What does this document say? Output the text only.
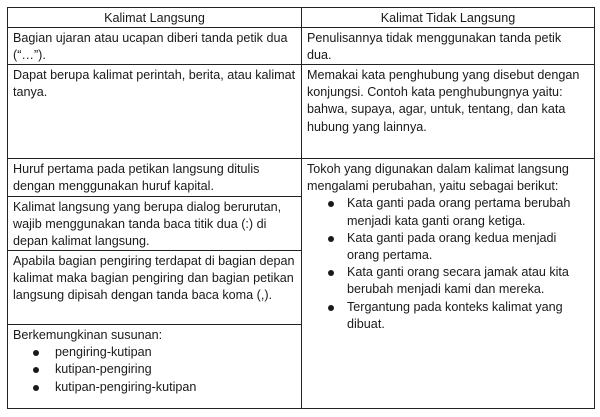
Kalimat Langsung	Kalimat Tidak Langsung

Bagian ujaran atau ucapan diberi tanda petik dua (“…”).

Penulisannya tidak menggunakan tanda petik dua.

Dapat berupa kalimat perintah, berita, atau kalimat tanya.

Memakai kata penghubung yang disebut dengan konjungsi. Contoh kata penghubungnya yaitu: bahwa, supaya, agar, untuk, tentang, dan kata hubung yang lainnya.

Huruf pertama pada petikan langsung ditulis dengan menggunakan huruf kapital.

Kalimat langsung yang berupa dialog berurutan, wajib menggunakan tanda baca titik dua (:) di depan kalimat langsung.

Apabila bagian pengiring terdapat di bagian depan kalimat maka bagian pengiring dan bagian petikan langsung dipisah dengan tanda baca koma (,).

Berkemungkinan susunan:

pengiring-kutipan
kutipan-pengiring
kutipan-pengiring-kutipan

Tokoh yang digunakan dalam kalimat langsung mengalami perubahan, yaitu sebagai berikut:

Kata ganti pada orang pertama berubah menjadi kata ganti orang ketiga.
Kata ganti pada orang kedua menjadi orang pertama.
Kata ganti orang secara jamak atau kita berubah menjadi kami dan mereka.
Tergantung pada konteks kalimat yang dibuat.
